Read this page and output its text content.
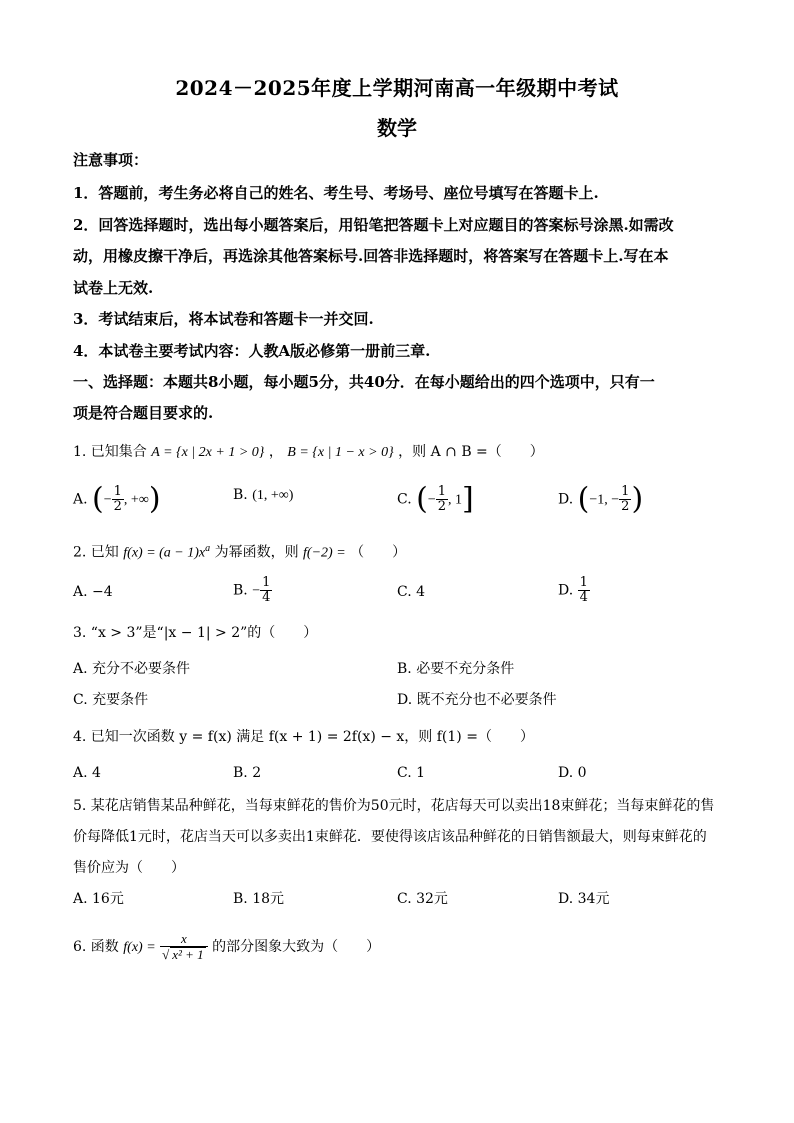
2024－2025年度上学期河南高一年级期中考试
数学
注意事项：
1．答题前，考生务必将自己的姓名、考生号、考场号、座位号填写在答题卡上.
2．回答选择题时，选出每小题答案后，用铅笔把答题卡上对应题目的答案标号涂黑.如需改
动，用橡皮擦干净后，再选涂其他答案标号.回答非选择题时，将答案写在答题卡上.写在本
试卷上无效.
3．考试结束后，将本试卷和答题卡一并交回.
4．本试卷主要考试内容：人教A版必修第一册前三章.
一、选择题：本题共8小题，每小题5分，共40分．在每小题给出的四个选项中，只有一
项是符合题目要求的.
1. 已知集合 A = {x | 2x + 1 > 0} ， B = {x | 1 − x > 0} ，则 A ∩ B =（　　）
A. (− $\frac{1}{2}$ , +∞)	B. (1, +∞)	C. (− $\frac{1}{2}$ , 1]	D. (−1, − $\frac{1}{2}$ )
2. 已知 $f(x) = (a - 1)x^a$ 为幂函数，则 f(−2) = （　　）
A. −4	B. − $\frac{1}{4}$	C. 4	D. $\frac{1}{4}$
3. “x > 3”是“|x − 1| > 2”的（　　）
A. 充分不必要条件	B. 必要不充分条件
C. 充要条件	D. 既不充分也不必要条件
4. 已知一次函数 y = f(x) 满足 f(x + 1) = 2f(x) − x，则 f(1) =（　　）
A. 4	B. 2	C. 1	D. 0
5. 某花店销售某品种鲜花，当每束鲜花的售价为50元时，花店每天可以卖出18束鲜花；当每束鲜花的售
价每降低1元时，花店当天可以多卖出1束鲜花．要使得该店该品种鲜花的日销售额最大，则每束鲜花的
售价应为（　　）
A. 16元	B. 18元	C. 32元	D. 34元
6. 函数 $f(x) = \frac{x}{\text{√ x² + 1}}$ 的部分图象大致为（　　）
